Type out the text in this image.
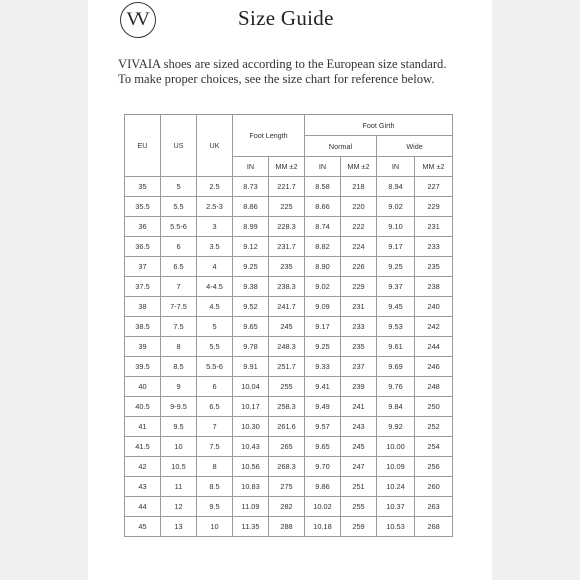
VV	Size Guide
VIVAIA shoes are sized according to the European size standard.
To make proper choices, see the size chart for reference below.
EU	US	UK	Foot Length		Foot Girth			
					Normal		Wide	
			IN	MM ±2	IN	MM ±2	IN	MM ±2
35	5	2.5	8.73	221.7	8.58	218	8.94	227
35.5	5.5	2.5-3	8.86	225	8.66	220	9.02	229
36	5.5-6	3	8.99	228.3	8.74	222	9.10	231
36.5	6	3.5	9.12	231.7	8.82	224	9.17	233
37	6.5	4	9.25	235	8.90	226	9.25	235
37.5	7	4-4.5	9.38	238.3	9.02	229	9.37	238
38	7-7.5	4.5	9.52	241.7	9.09	231	9.45	240
38.5	7.5	5	9.65	245	9.17	233	9.53	242
39	8	5.5	9.78	248.3	9.25	235	9.61	244
39.5	8.5	5.5-6	9.91	251.7	9.33	237	9.69	246
40	9	6	10.04	255	9.41	239	9.76	248
40.5	9-9.5	6.5	10.17	258.3	9.49	241	9.84	250
41	9.5	7	10.30	261.6	9.57	243	9.92	252
41.5	10	7.5	10.43	265	9.65	245	10.00	254
42	10.5	8	10.56	268.3	9.70	247	10.09	256
43	11	8.5	10.83	275	9.86	251	10.24	260
44	12	9.5	11.09	282	10.02	255	10.37	263
45	13	10	11.35	288	10.18	259	10.53	268
